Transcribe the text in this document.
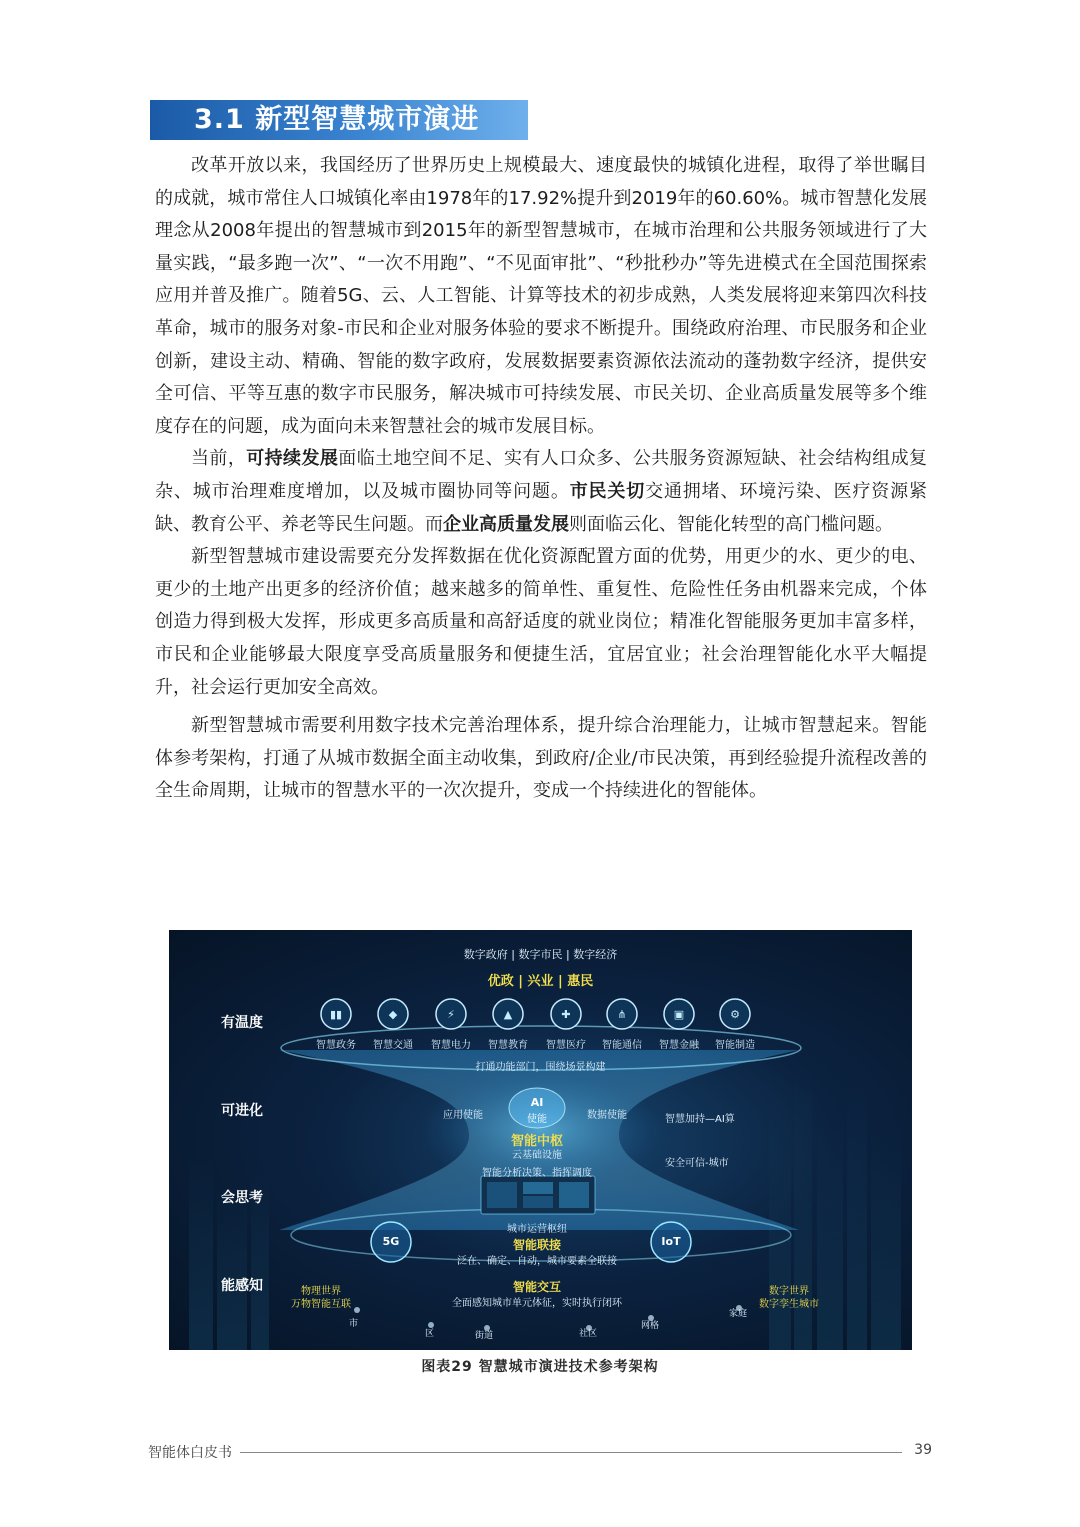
3.1 新型智慧城市演进

改革开放以来，我国经历了世界历史上规模最大、速度最快的城镇化进程，取得了举世瞩目的成就，城市常住人口城镇化率由1978年的17.92%提升到2019年的60.60%。城市智慧化发展理念从2008年提出的智慧城市到2015年的新型智慧城市，在城市治理和公共服务领域进行了大量实践，“最多跑一次”、“一次不用跑”、“不见面审批”、“秒批秒办”等先进模式在全国范围探索应用并普及推广。随着5G、云、人工智能、计算等技术的初步成熟，人类发展将迎来第四次科技革命，城市的服务对象-市民和企业对服务体验的要求不断提升。围绕政府治理、市民服务和企业创新，建设主动、精确、智能的数字政府，发展数据要素资源依法流动的蓬勃数字经济，提供安全可信、平等互惠的数字市民服务，解决城市可持续发展、市民关切、企业高质量发展等多个维度存在的问题，成为面向未来智慧社会的城市发展目标。

当前，可持续发展面临土地空间不足、实有人口众多、公共服务资源短缺、社会结构组成复杂、城市治理难度增加，以及城市圈协同等问题。市民关切交通拥堵、环境污染、医疗资源紧缺、教育公平、养老等民生问题。而企业高质量发展则面临云化、智能化转型的高门槛问题。

新型智慧城市建设需要充分发挥数据在优化资源配置方面的优势，用更少的水、更少的电、更少的土地产出更多的经济价值；越来越多的简单性、重复性、危险性任务由机器来完成，个体创造力得到极大发挥，形成更多高质量和高舒适度的就业岗位；精准化智能服务更加丰富多样，市民和企业能够最大限度享受高质量服务和便捷生活，宜居宜业；社会治理智能化水平大幅提升，社会运行更加安全高效。

新型智慧城市需要利用数字技术完善治理体系，提升综合治理能力，让城市智慧起来。智能体参考架构，打通了从城市数据全面主动收集，到政府/企业/市民决策，再到经验提升流程改善的全生命周期，让城市的智慧水平的一次次提升，变成一个持续进化的智能体。

▮▮	◆	⚡	▲	✚	⋔	▣	⚙
数字政府 | 数字市民 | 数字经济
优政 | 兴业 | 惠民
有温度
可进化
会思考
能感知
智慧政务	智慧交通	智慧电力	智慧教育	智慧医疗	智能通信	智慧金融	智能制造
打通功能部门，围绕场景构建
应用使能
AI
使能	数据使能	智慧加持—AI算
智能中枢
云基础设施
安全可信-城市
智能分析决策、指挥调度
城市运营枢纽
智能联接
泛在、确定、自动，城市要素全联接
5G	IoT
智能交互
全面感知城市单元体征，实时执行闭环
物理世界
万物智能互联
数字世界
数字孪生城市
市
区	街道	社区
网格
家庭
图表29 智慧城市演进技术参考架构
智能体白皮书	39
